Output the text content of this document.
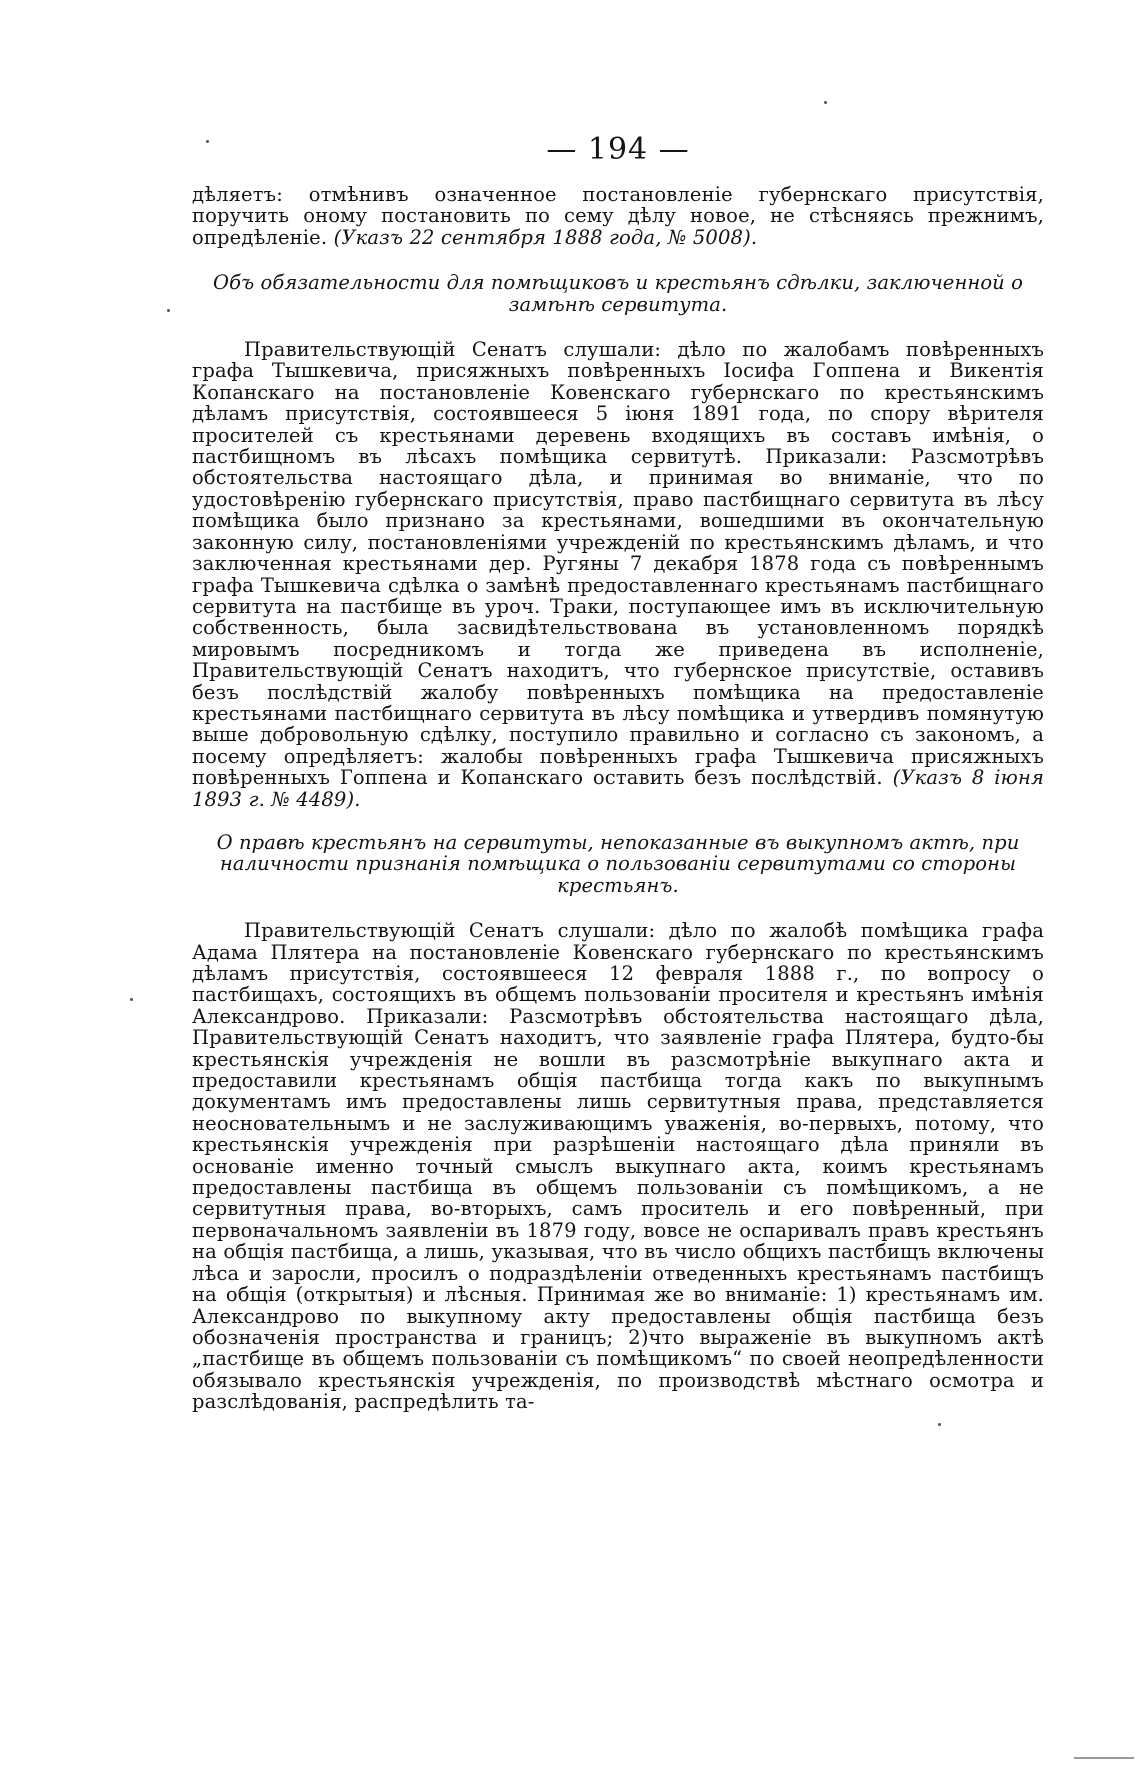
— 194 —

дѣляетъ: отмѣнивъ означенное постановленіе губернскаго присутствія, поручить оному постановить по сему дѣлу новое, не стѣсняясь прежнимъ, опредѣленіе. (Указъ 22 сентября 1888 года, № 5008).

Объ обязательности для помѣщиковъ и крестьянъ сдѣлки, заключенной о замѣнѣ сервитута.

Правительствующій Сенатъ слушали: дѣло по жалобамъ повѣренныхъ графа Тышкевича, присяжныхъ повѣренныхъ Іосифа Гоппена и Викентія Копанскаго на постановленіе Ковенскаго губернскаго по крестьянскимъ дѣламъ присутствія, состоявшееся 5 іюня 1891 года, по спору вѣрителя просителей съ крестьянами деревень входящихъ въ составъ имѣнія, о пастбищномъ въ лѣсахъ помѣщика сервитутѣ. Приказали: Разсмотрѣвъ обстоятельства настоящаго дѣла, и принимая во вниманіе, что по удостовѣренію губернскаго присутствія, право пастбищнаго сервитута въ лѣсу помѣщика было признано за крестьянами, вошедшими въ окончательную законную силу, постановленіями учрежденій по крестьянскимъ дѣламъ, и что заключенная крестьянами дер. Ругяны 7 декабря 1878 года съ повѣреннымъ графа Тышкевича сдѣлка о замѣнѣ предоставленнаго крестьянамъ пастбищнаго сервитута на пастбище въ уроч. Траки, поступающее имъ въ исключительную собственность, была засвидѣтельствована въ установленномъ порядкѣ мировымъ посредникомъ и тогда же приведена въ исполненіе, Правительствующій Сенатъ находитъ, что губернское присутствіе, оставивъ безъ послѣдствій жалобу повѣренныхъ помѣщика на предоставленіе крестьянами пастбищнаго сервитута въ лѣсу помѣщика и утвердивъ помянутую выше добровольную сдѣлку, поступило правильно и согласно съ закономъ, а посему опредѣляетъ: жалобы повѣренныхъ графа Тышкевича присяжныхъ повѣренныхъ Гоппена и Копанскаго оставить безъ послѣдствій. (Указъ 8 іюня 1893 г. № 4489).

О правѣ крестьянъ на сервитуты, непоказанные въ выкупномъ актѣ, при наличности признанія помѣщика о пользованіи сервитутами со стороны крестьянъ.

Правительствующій Сенатъ слушали: дѣло по жалобѣ помѣщика графа Адама Плятера на постановленіе Ковенскаго губернскаго по крестьянскимъ дѣламъ присутствія, состоявшееся 12 февраля 1888 г., по вопросу о пастбищахъ, состоящихъ въ общемъ пользованіи просителя и крестьянъ имѣнія Александрово. Приказали: Разсмотрѣвъ обстоятельства настоящаго дѣла, Правительствующій Сенатъ находитъ, что заявленіе графа Плятера, будто-бы крестьянскія учрежденія не вошли въ разсмотрѣніе выкупнаго акта и предоставили крестьянамъ общія пастбища тогда какъ по выкупнымъ документамъ имъ предоставлены лишь сервитутныя права, представляется неосновательнымъ и не заслуживающимъ уваженія, во-первыхъ, потому, что крестьянскія учрежденія при разрѣшеніи настоящаго дѣла приняли въ основаніе именно точный смыслъ выкупнаго акта, коимъ крестьянамъ предоставлены пастбища въ общемъ пользованіи съ помѣщикомъ, а не сервитутныя права, во-вторыхъ, самъ проситель и его повѣренный, при первоначальномъ заявленіи въ 1879 году, вовсе не оспаривалъ правъ крестьянъ на общія пастбища, а лишь, указывая, что въ число общихъ пастбищъ включены лѣса и заросли, просилъ о подраздѣленіи отведенныхъ крестьянамъ пастбищъ на общія (открытыя) и лѣсныя. Принимая же во вниманіе: 1) крестьянамъ им. Александрово по выкупному акту предоставлены общія пастбища безъ обозначенія пространства и границъ; 2)что выраженіе въ выкупномъ актѣ „пастбище въ общемъ пользованіи съ помѣщикомъ“ по своей неопредѣленности обязывало крестьянскія учрежденія, по производствѣ мѣстнаго осмотра и разслѣдованія, распредѣлить та-
